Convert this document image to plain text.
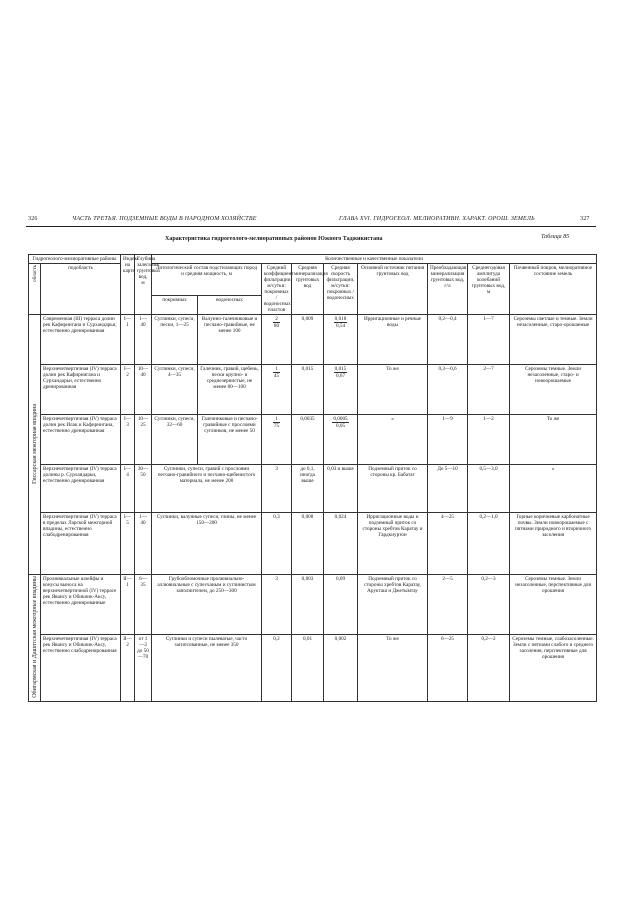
326	ЧАСТЬ ТРЕТЬЯ. ПОДЗЕМНЫЕ ВОДЫ В НАРОДНОМ ХОЗЯЙСТВЕ	ГЛАВА XVI. ГИДРОГЕОЛ. МЕЛИОРАТИВН. ХАРАКТ. ОРОШ. ЗЕМЕЛЬ	327
Таблица 85
Характеристика гидрогеолого-мелиоративных районов Южного Таджикистана
Гидрогеолого-мелиоративные районы		Индекс на карте	Глубина залегания грунтовых вод, м	Количественные и качественные показатели								
область	подобласть			Литологический состав подстилающих пород и средняя мощность, м		Средний коэффициент фильтрации, м/сутки: покровных / водоносных пластов	Средняя минерализация грунтовых вод	Средняя скорость фильтрации, м/сутки: покровных / водоносных	Основной источник питания грунтовых вод	Преобладающая минерализация грунтовых вод, г/л	Среднегодовая амплитуда колебаний грунтовых вод, м	Почвенный покров, мелиоративное состояние земель
				покровных	водоносных							
Гиссарская межгорная впадина	Современная (III) терраса долин рек Кафирнигана и Сурхандарьи, естественно дренированная	I—1	1—40	Суглинки, супеси, пески, 1—25	Валунно-галечниковые и песчано-гравийные, не менее 100	$\frac{2}{80}$	0,009	$\frac{0,018}{0,54}$	Ирригационные и речные воды	0,2—0,4	1—7	Сероземы светлые и темные. Земли незасоленные, старо-орошаемые
	Верхнечетвертичная (IV) терраса долин рек Кафирнигана и Сурхандарьи, естественно дренированная	I—2	10—40	Суглинки, супеси, 4—35	Галечник, гравий, щебень, пески крупно- и среднезернистые, не менее 80—100	$\frac{1}{45}$	0,015	$\frac{0,015}{0,67}$	То же	0,3—0,6	2—7	Сероземы темные. Земли незасоленные, старо- и новоорошаемые
	Верхнечетвертичная (IV) терраса долин рек Илак и Кафирнигана, естественно дренированная	I—3	10—25	Суглинки, супеси, 32—60	Галечниковые и песчано-гравийные с прослоями суглинков, не менее 50	$\frac{1}{75}$	0,0035	$\frac{0,0005}{0,05}$	»	1—9	1—2	То же
	Верхнечетвертичная (IV) терраса долины р. Сурхандарьи, естественно дренированная	I—4	30—50	Суглинки, супеси, гравий с прослоями песчано-гравийного и песчано-щебенистого материала, не менее 200		3	до 0,1, иногда выше	0,03 и выше	Подземный приток со стороны кр. Бабатаг	До 5—10	0,5—3,0	»
	Верхнечетвертичная (IV) терраса в пределах Ларской межгорной впадины, естественно слабодренированная	I—5	1—40	Суглинки, валунные супеси, глины, не менее 150—200		0,3	0,008	0,024	Ирригационные воды и подземный приток со стороны хребтов Каратау и Гардкиуртон	4—25	0,2—1,0	Горные коричневые карбонатные почвы. Земли новоорошаемые с пятнами природного и вторичного засоления
Обигармская и Дашптская межгорные впадины	Пролювиальные шлейфы и конусы выноса на верхнечетвертичной (IV) террасе рек Явансу и Обикиик-Аксу, естественно дренированные	II—1	6—35	Грубообломочные пролювиально-аллювиальные с супесчаным и суглинистым заполнителем, до 250—300		3	0,003	0,09	Подземный приток со стороны хребтов Каратау, Арукташ и Джетымтау	2—5	0,2—3	Сероземы темные. Земли незасоленные, перспективные для орошения
	Верхнечетвертичная (IV) терраса рек Явансу и Обикиик-Аксу, естественно слабодренированная	II—2	от 1—2 до 50—70	Суглинки и супеси пылеватые, часто загипсованные, не менее 350		0,2	0,01	0,002	То же	6—25	0,2—2	Сероземы темные, слабозасоленные. Земли с пятнами слабого и среднего засоления, перспективные для орошения
